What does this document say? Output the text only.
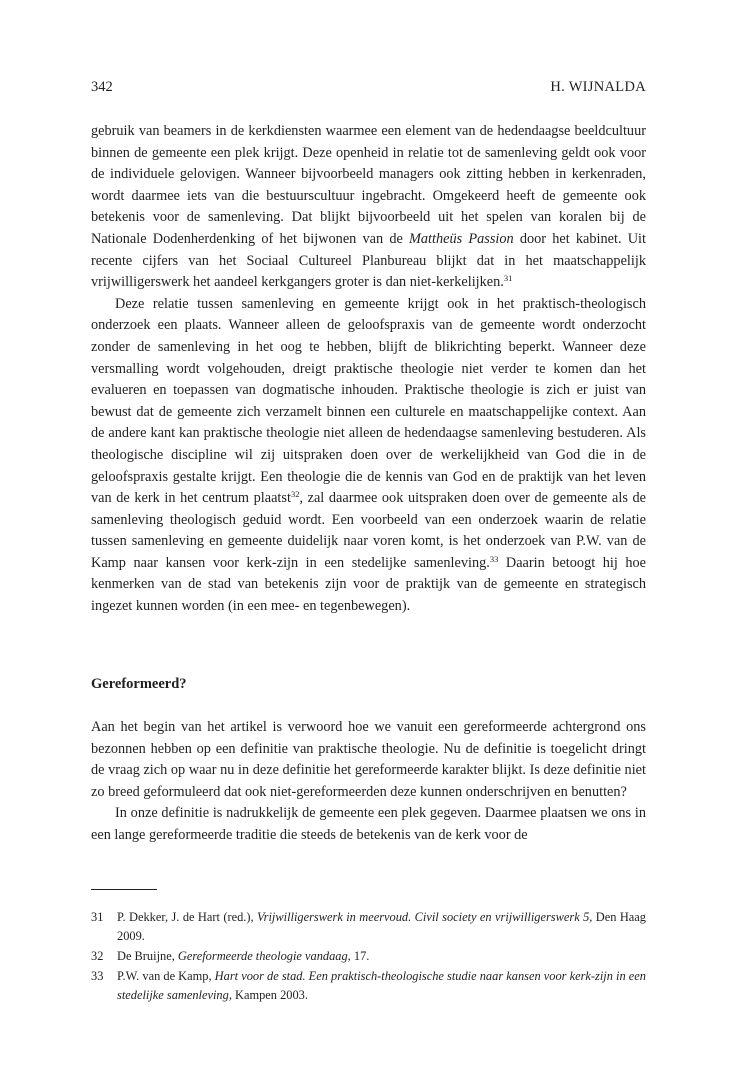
342	H. WIJNALDA

gebruik van beamers in de kerkdiensten waarmee een element van de hedendaagse beeldcultuur binnen de gemeente een plek krijgt. Deze openheid in relatie tot de samenleving geldt ook voor de individuele gelovigen. Wanneer bijvoorbeeld managers ook zitting hebben in kerkenraden, wordt daarmee iets van die bestuurscultuur ingebracht. Omgekeerd heeft de gemeente ook betekenis voor de samenleving. Dat blijkt bijvoorbeeld uit het spelen van koralen bij de Nationale Dodenherdenking of het bijwonen van de Mattheüs Passion door het kabinet. Uit recente cijfers van het Sociaal Cultureel Planbureau blijkt dat in het maatschappelijk vrijwilligerswerk het aandeel kerkgangers groter is dan niet-kerkelijken.$^{31}$

Deze relatie tussen samenleving en gemeente krijgt ook in het praktisch-theologisch onderzoek een plaats. Wanneer alleen de geloofspraxis van de gemeente wordt onderzocht zonder de samenleving in het oog te hebben, blijft de blikrichting beperkt. Wanneer deze versmalling wordt volgehouden, dreigt praktische theologie niet verder te komen dan het evalueren en toepassen van dogmatische inhouden. Praktische theologie is zich er juist van bewust dat de gemeente zich verzamelt binnen een culturele en maatschappelijke context. Aan de andere kant kan praktische theologie niet alleen de hedendaagse samenleving bestuderen. Als theologische discipline wil zij uitspraken doen over de werkelijkheid van God die in de geloofspraxis gestalte krijgt. Een theologie die de kennis van God en de praktijk van het leven van de kerk in het centrum plaatst$^{32}$, zal daarmee ook uitspraken doen over de gemeente als de samenleving theologisch geduid wordt. Een voorbeeld van een onderzoek waarin de relatie tussen samenleving en gemeente duidelijk naar voren komt, is het onderzoek van P.W. van de Kamp naar kansen voor kerk-zijn in een stedelijke samenleving.$^{33}$ Daarin betoogt hij hoe kenmerken van de stad van betekenis zijn voor de praktijk van de gemeente en strategisch ingezet kunnen worden (in een mee- en tegenbewegen).

Gereformeerd?

Aan het begin van het artikel is verwoord hoe we vanuit een gereformeerde achtergrond ons bezonnen hebben op een definitie van praktische theologie. Nu de definitie is toegelicht dringt de vraag zich op waar nu in deze definitie het gereformeerde karakter blijkt. Is deze definitie niet zo breed geformuleerd dat ook niet-gereformeerden deze kunnen onderschrijven en benutten?

In onze definitie is nadrukkelijk de gemeente een plek gegeven. Daarmee plaatsen we ons in een lange gereformeerde traditie die steeds de betekenis van de kerk voor de

31 P. Dekker, J. de Hart (red.), Vrijwilligerswerk in meervoud. Civil society en vrijwilligerswerk 5, Den Haag 2009.
32 De Bruijne, Gereformeerde theologie vandaag, 17.
33 P.W. van de Kamp, Hart voor de stad. Een praktisch-theologische studie naar kansen voor kerk-zijn in een stedelijke samenleving, Kampen 2003.
